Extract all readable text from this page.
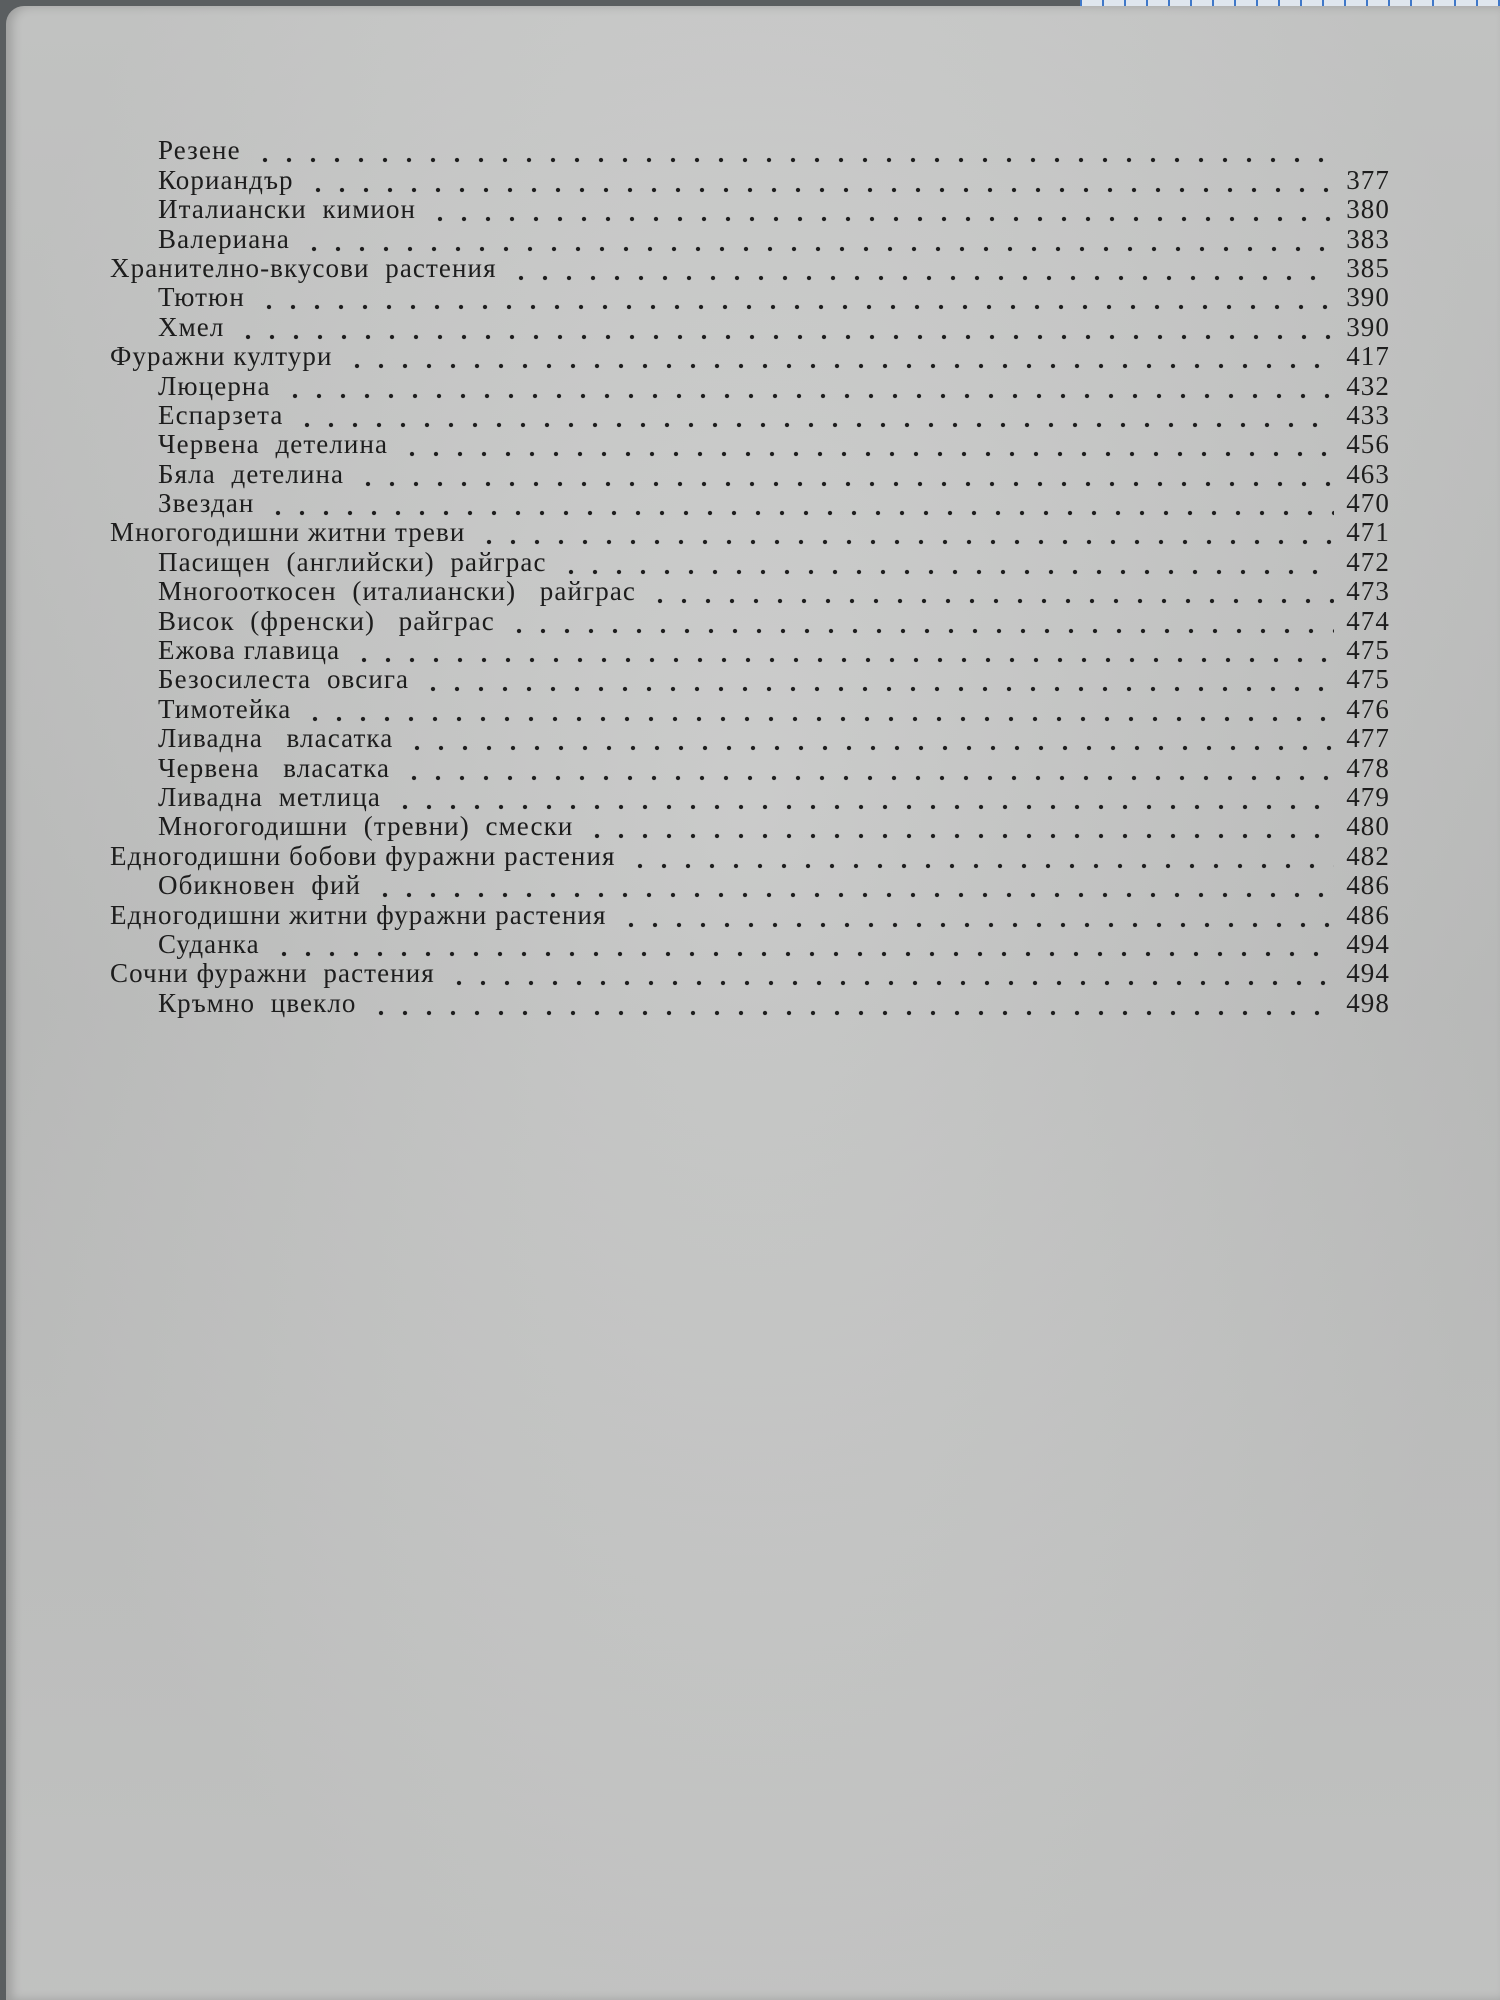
Резене
Кориандър	377
Италиански  кимион	380
Валериана	383
Хранително-вкусови  растения	385
Тютюн	390
Хмел	390
Фуражни култури	417
Люцерна	432
Еспарзета	433
Червена  детелина	456
Бяла  детелина	463
Звездан	470
Многогодишни житни треви	471
Пасищен  (английски)  райграс	472
Многооткосен  (италиански)   райграс	473
Висок  (френски)   райграс	474
Ежова главица	475
Безосилеста  овсига	475
Тимотейка	476
Ливадна   власатка	477
Червена   власатка	478
Ливадна  метлица	479
Многогодишни  (тревни)  смески	480
Едногодишни бобови фуражни растения	482
Обикновен  фий	486
Едногодишни житни фуражни растения	486
Суданка	494
Сочни фуражни  растения	494
Кръмно  цвекло	498
